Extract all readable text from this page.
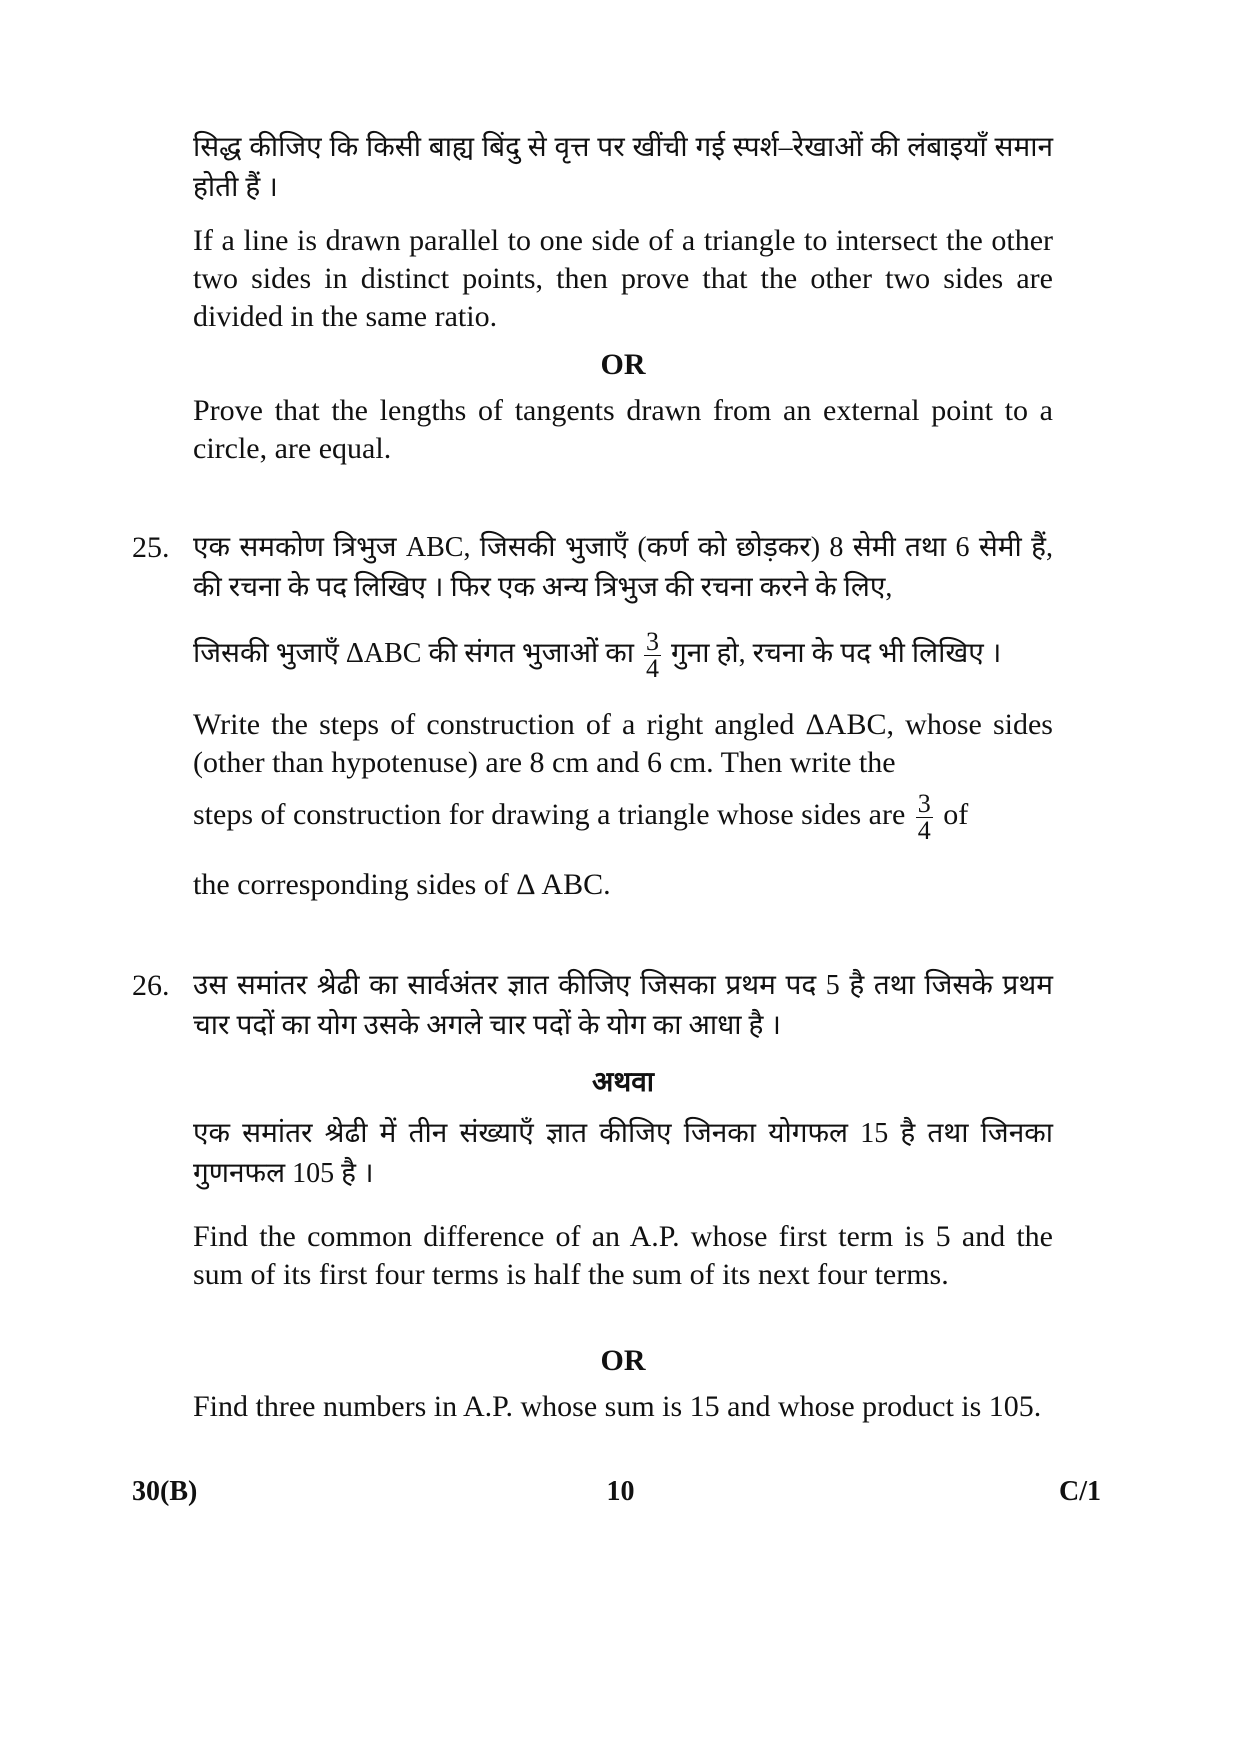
सिद्ध कीजिए कि किसी बाह्य बिंदु से वृत्त पर खींची गई स्पर्श–रेखाओं की लंबाइयाँ समान होती हैं ।
If a line is drawn parallel to one side of a triangle to intersect the other two sides in distinct points, then prove that the other two sides are divided in the same ratio.
OR
Prove that the lengths of tangents drawn from an external point to a circle, are equal.
25. एक समकोण त्रिभुज ABC, जिसकी भुजाएँ (कर्ण को छोड़कर) 8 सेमी तथा 6 सेमी हैं, की रचना के पद लिखिए । फिर एक अन्य त्रिभुज की रचना करने के लिए,
जिसकी भुजाएँ ΔABC की संगत भुजाओं का $\frac{3}{4}$ गुना हो, रचना के पद भी लिखिए ।
Write the steps of construction of a right angled ΔABC, whose sides (other than hypotenuse) are 8 cm and 6 cm. Then write the
steps of construction for drawing a triangle whose sides are $\frac{3}{4}$ of
the corresponding sides of Δ ABC.
26. उस समांतर श्रेढी का सार्वअंतर ज्ञात कीजिए जिसका प्रथम पद 5 है तथा जिसके प्रथम चार पदों का योग उसके अगले चार पदों के योग का आधा है ।
अथवा
एक समांतर श्रेढी में तीन संख्याएँ ज्ञात कीजिए जिनका योगफल 15 है तथा जिनका गुणनफल 105 है ।
Find the common difference of an A.P. whose first term is 5 and the sum of its first four terms is half the sum of its next four terms.
OR
Find three numbers in A.P. whose sum is 15 and whose product is 105.
30(B)	10	C/1
